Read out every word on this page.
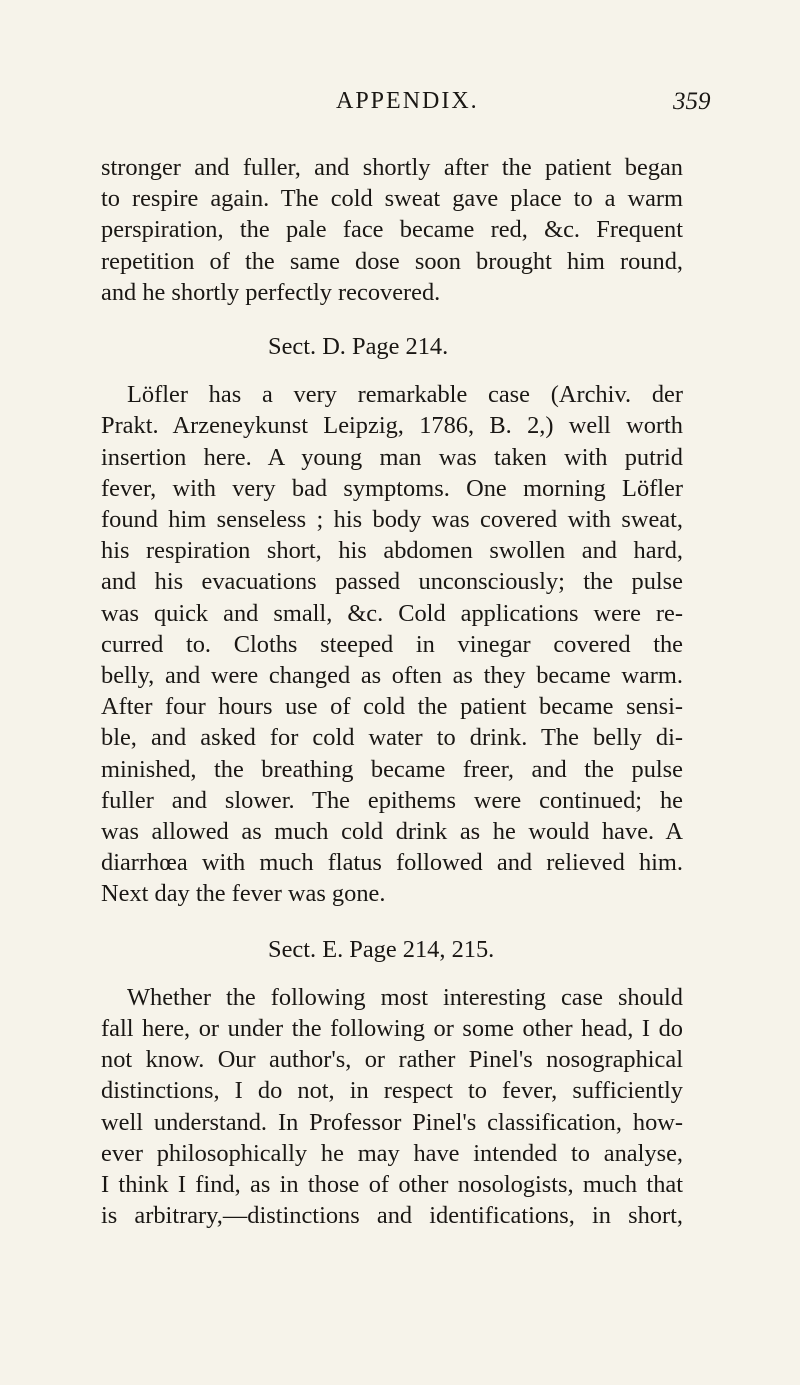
APPENDIX.	359
stronger and fuller, and shortly after the patient began
to respire again. The cold sweat gave place to a warm
perspiration, the pale face became red, &c. Frequent
repetition of the same dose soon brought him round,
and he shortly perfectly recovered.
Sect. D. Page 214.
Löfler has a very remarkable case (Archiv. der
Prakt. Arzeneykunst Leipzig, 1786, B. 2,) well worth
insertion here. A young man was taken with putrid
fever, with very bad symptoms. One morning Löfler
found him senseless ; his body was covered with sweat,
his respiration short, his abdomen swollen and hard,
and his evacuations passed unconsciously; the pulse
was quick and small, &c. Cold applications were re-
curred to. Cloths steeped in vinegar covered the
belly, and were changed as often as they became warm.
After four hours use of cold the patient became sensi-
ble, and asked for cold water to drink. The belly di-
minished, the breathing became freer, and the pulse
fuller and slower. The epithems were continued; he
was allowed as much cold drink as he would have. A
diarrhœa with much flatus followed and relieved him.
Next day the fever was gone.
Sect. E. Page 214, 215.
Whether the following most interesting case should
fall here, or under the following or some other head, I do
not know. Our author's, or rather Pinel's nosographical
distinctions, I do not, in respect to fever, sufficiently
well understand. In Professor Pinel's classification, how-
ever philosophically he may have intended to analyse,
I think I find, as in those of other nosologists, much that
is arbitrary,—distinctions and identifications, in short,
